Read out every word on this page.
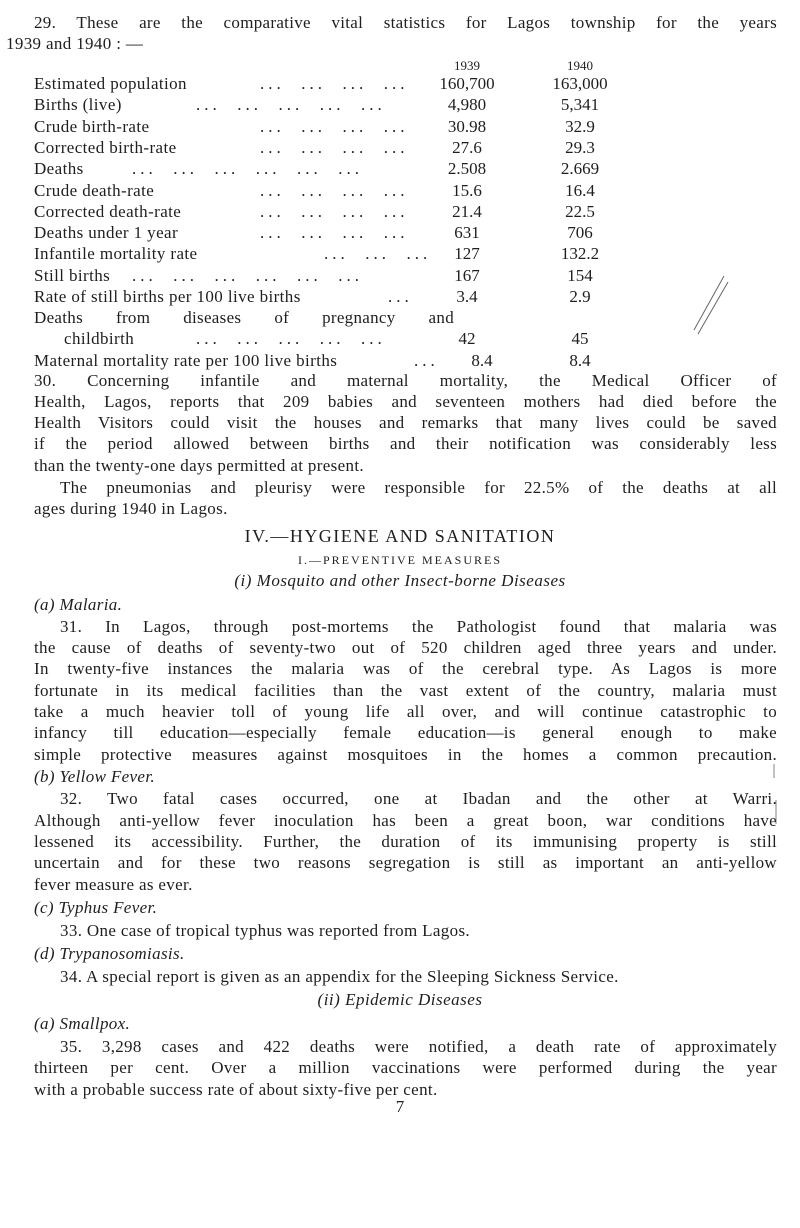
29. These are the comparative vital statistics for Lagos township for the years
1939 and 1940 : —
1939	1940
Estimated population	...  ...  ...  ...	160,700	163,000
Births (live)	...  ...  ...  ...  ...	4,980	5,341
Crude birth-rate	...  ...  ...  ...	30.98	32.9
Corrected birth-rate	...  ...  ...  ...	27.6	29.3
Deaths	...  ...  ...  ...  ...  ...	2.508	2.669
Crude death-rate	...  ...  ...  ...	15.6	16.4
Corrected death-rate	...  ...  ...  ...	21.4	22.5
Deaths under 1 year	...  ...  ...  ...	631	706
Infantile mortality rate	...  ...  ...	127	132.2
Still births ...  ...  ...  ...  ...  ...	167	154
Rate of still births per 100 live births	...	3.4	2.9
Deaths from diseases of pregnancy and
childbirth	...  ...  ...  ...  ...	42	45
Maternal mortality rate per 100 live births	...	8.4	8.4
30. Concerning infantile and maternal mortality, the Medical Officer of
Health, Lagos, reports that 209 babies and seventeen mothers had died before the
Health Visitors could visit the houses and remarks that many lives could be saved
if the period allowed between births and their notification was considerably less
than the twenty-one days permitted at present.
The pneumonias and pleurisy were responsible for 22.5% of the deaths at all
ages during 1940 in Lagos.
IV.—HYGIENE AND SANITATION
I.—PREVENTIVE MEASURES
(i) Mosquito and other Insect-borne Diseases
(a) Malaria.
31. In Lagos, through post-mortems the Pathologist found that malaria was
the cause of deaths of seventy-two out of 520 children aged three years and under.
In twenty-five instances the malaria was of the cerebral type. As Lagos is more
fortunate in its medical facilities than the vast extent of the country, malaria must
take a much heavier toll of young life all over, and will continue catastrophic to
infancy till education—especially female education—is general enough to make
simple protective measures against mosquitoes in the homes a common precaution.
(b) Yellow Fever.
32. Two fatal cases occurred, one at Ibadan and the other at Warri.
Although anti-yellow fever inoculation has been a great boon, war conditions have
lessened its accessibility. Further, the duration of its immunising property is still
uncertain and for these two reasons segregation is still as important an anti-yellow
fever measure as ever.
(c) Typhus Fever.
33. One case of tropical typhus was reported from Lagos.
(d) Trypanosomiasis.
34. A special report is given as an appendix for the Sleeping Sickness Service.
(ii) Epidemic Diseases
(a) Smallpox.
35. 3,298 cases and 422 deaths were notified, a death rate of approximately
thirteen per cent. Over a million vaccinations were performed during the year
with a probable success rate of about sixty-five per cent.
7
